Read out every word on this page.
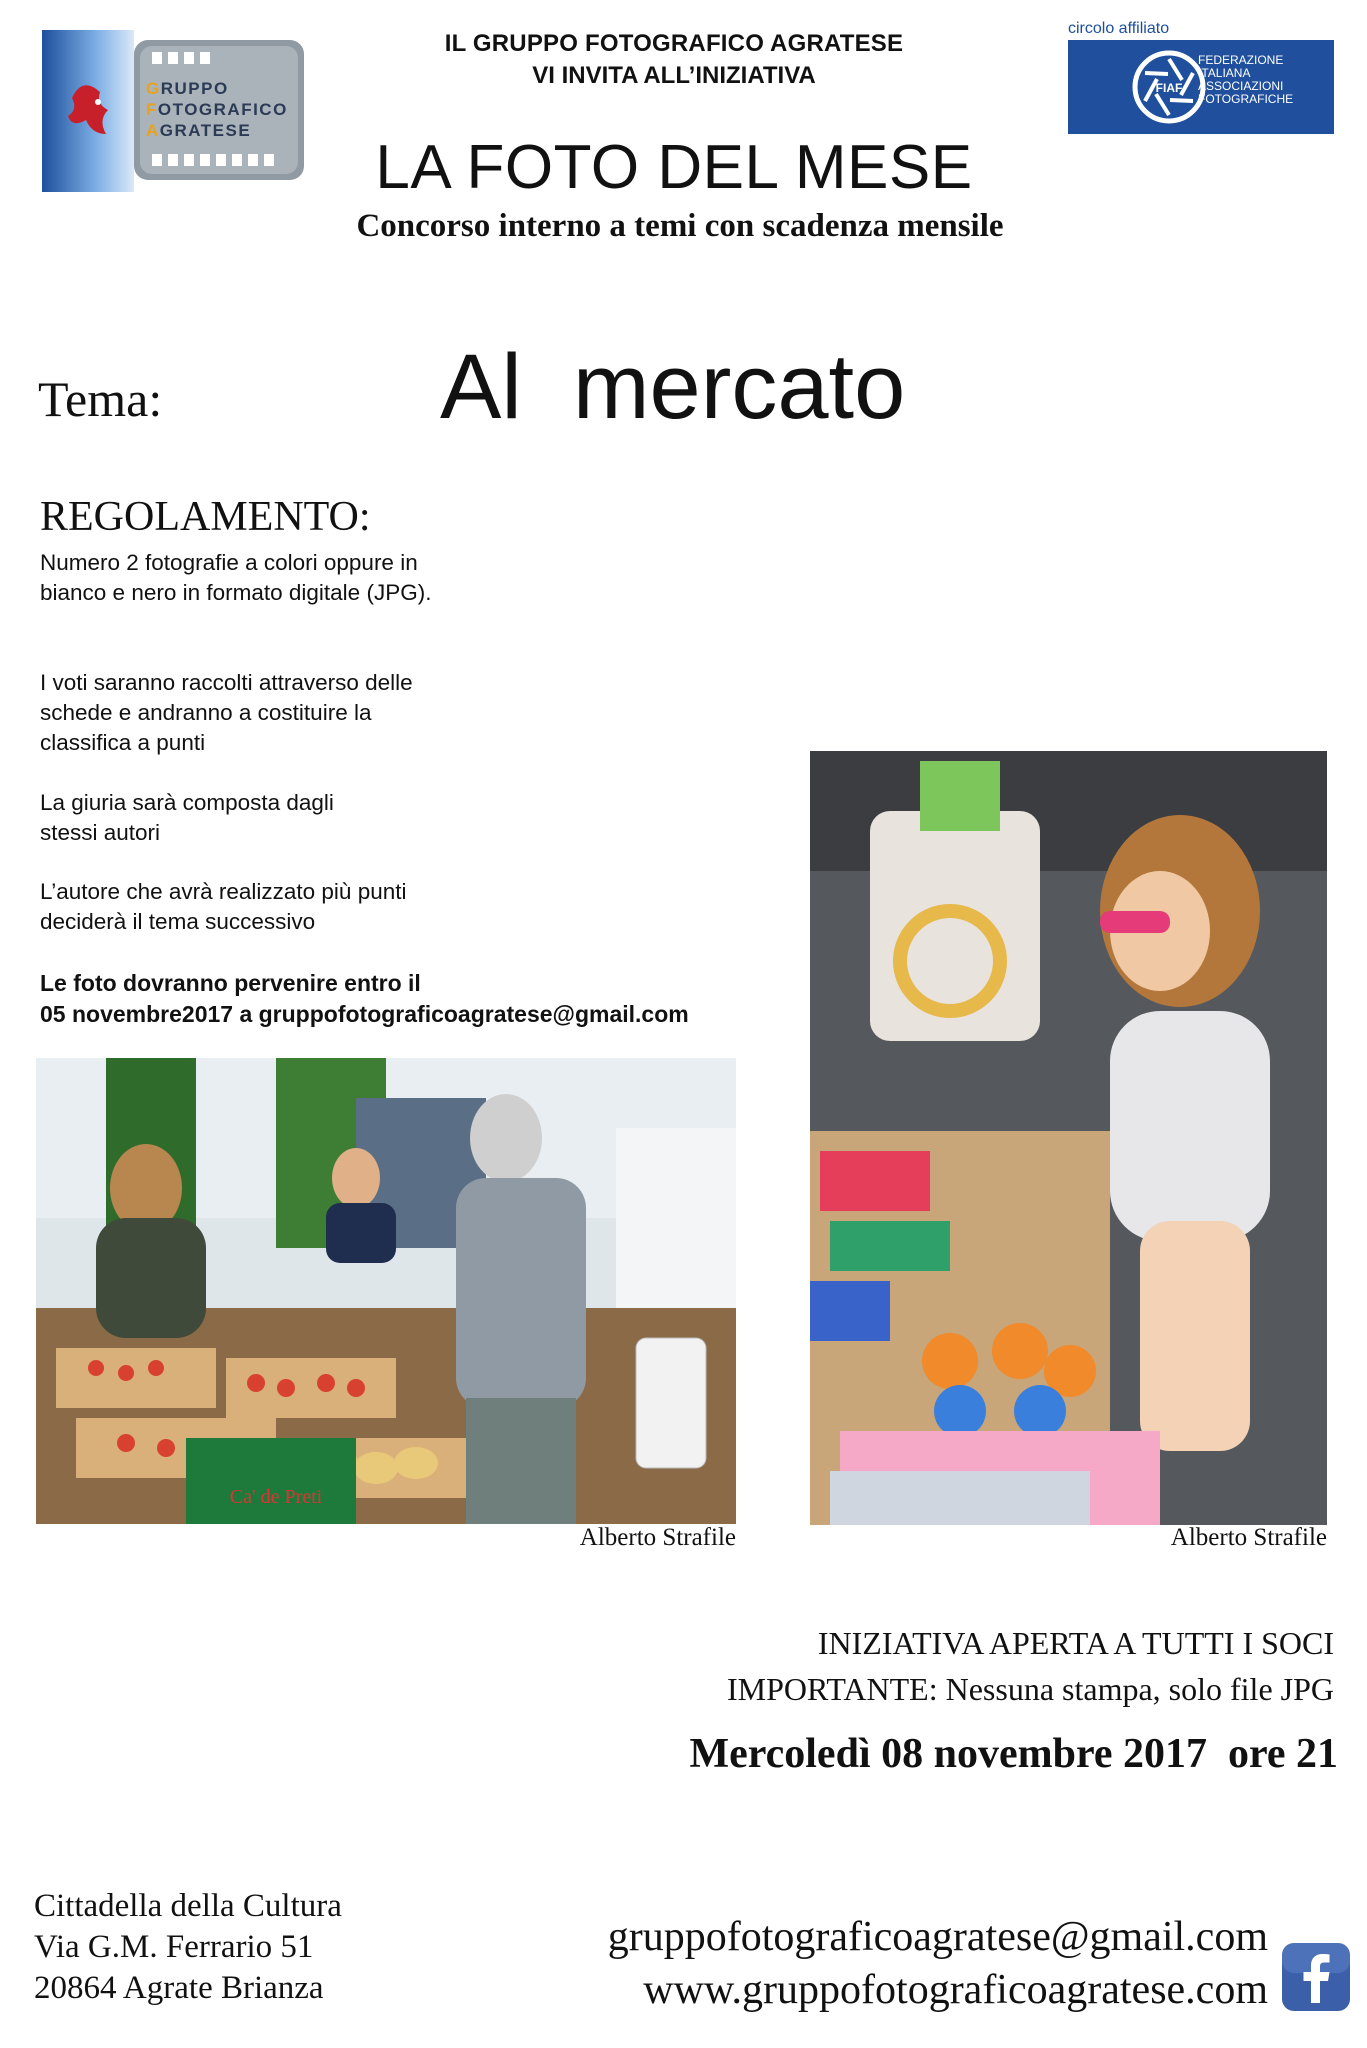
GRUPPO
FOTOGRAFICO
AGRATESE
circolo affiliato
FIAF
FEDERAZIONE
ITALIANA
ASSOCIAZIONI
FOTOGRAFICHE
IL GRUPPO FOTOGRAFICO AGRATESE
VI INVITA ALL’INIZIATIVA
LA FOTO DEL MESE
Concorso interno a temi con scadenza mensile
Tema:	Al  mercato
REGOLAMENTO:
Numero 2 fotografie a colori oppure in bianco e nero in formato digitale (JPG).
I voti saranno raccolti attraverso delle schede e andranno a costituire la classifica a punti
La giuria sarà composta dagli stessi autori
L’autore che avrà realizzato più punti deciderà il tema successivo
Le foto dovranno pervenire entro il
05 novembre2017 a gruppofotograficoagratese@gmail.com
Ca' de Preti
Alberto Strafile	Alberto Strafile
INIZIATIVA APERTA A TUTTI I SOCI
IMPORTANTE: Nessuna stampa, solo file JPG
Mercoledì 08 novembre 2017  ore 21
Cittadella della Cultura
Via G.M. Ferrario 51
20864 Agrate Brianza
gruppofotograficoagratese@gmail.com
www.gruppofotograficoagratese.com
